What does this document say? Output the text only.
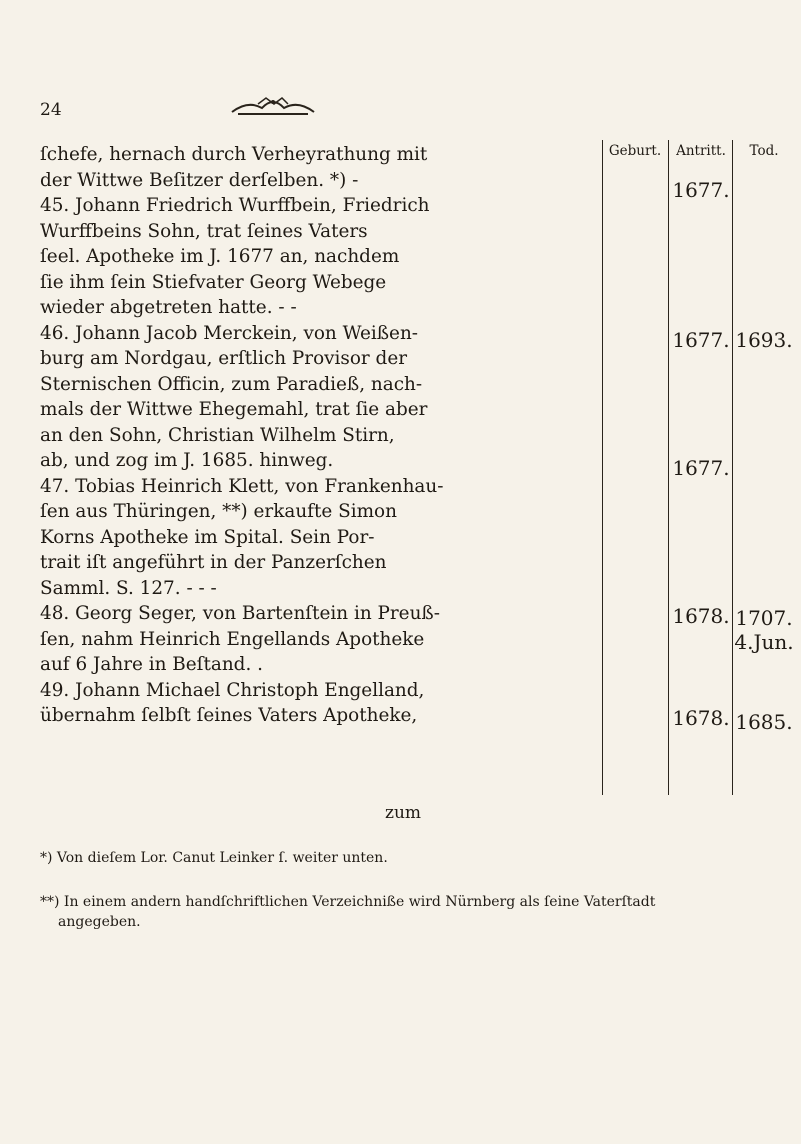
24
Geburt.	Antritt.	Tod.

ſchefe, hernach durch Verheyrathung mit

der Wittwe Beſitzer derſelben. *) -

45. Johann Friedrich Wurffbein, Friedrich

Wurffbeins Sohn, trat ſeines Vaters

ſeel. Apotheke im J. 1677 an, nachdem

ſie ihm ſein Stiefvater Georg Webege

wieder abgetreten hatte. - -

46. Johann Jacob Merckein, von Weißen-

burg am Nordgau, erſtlich Provisor der

Sternischen Officin, zum Paradieß, nach-

mals der Wittwe Ehegemahl, trat ſie aber

an den Sohn, Christian Wilhelm Stirn,

ab, und zog im J. 1685. hinweg.

47. Tobias Heinrich Klett, von Frankenhau-

ſen aus Thüringen, **) erkaufte Simon

Korns Apotheke im Spital. Sein Por-

trait iſt angeführt in der Panzerſchen

Samml. S. 127. - - -

48. Georg Seger, von Bartenſtein in Preuß-

ſen, nahm Heinrich Engellands Apotheke

auf 6 Jahre in Beſtand. .

49. Johann Michael Christoph Engelland,

übernahm ſelbſt ſeines Vaters Apotheke,

zum
1677.
1677. 1693.
1677.
1678. 1707.
4.Jun.
1678. 1685.
*) Von dieſem Lor. Canut Leinker ſ. weiter unten.
**) In einem andern handſchriftlichen Verzeichniße wird Nürnberg als ſeine Vaterſtadt
angegeben.
